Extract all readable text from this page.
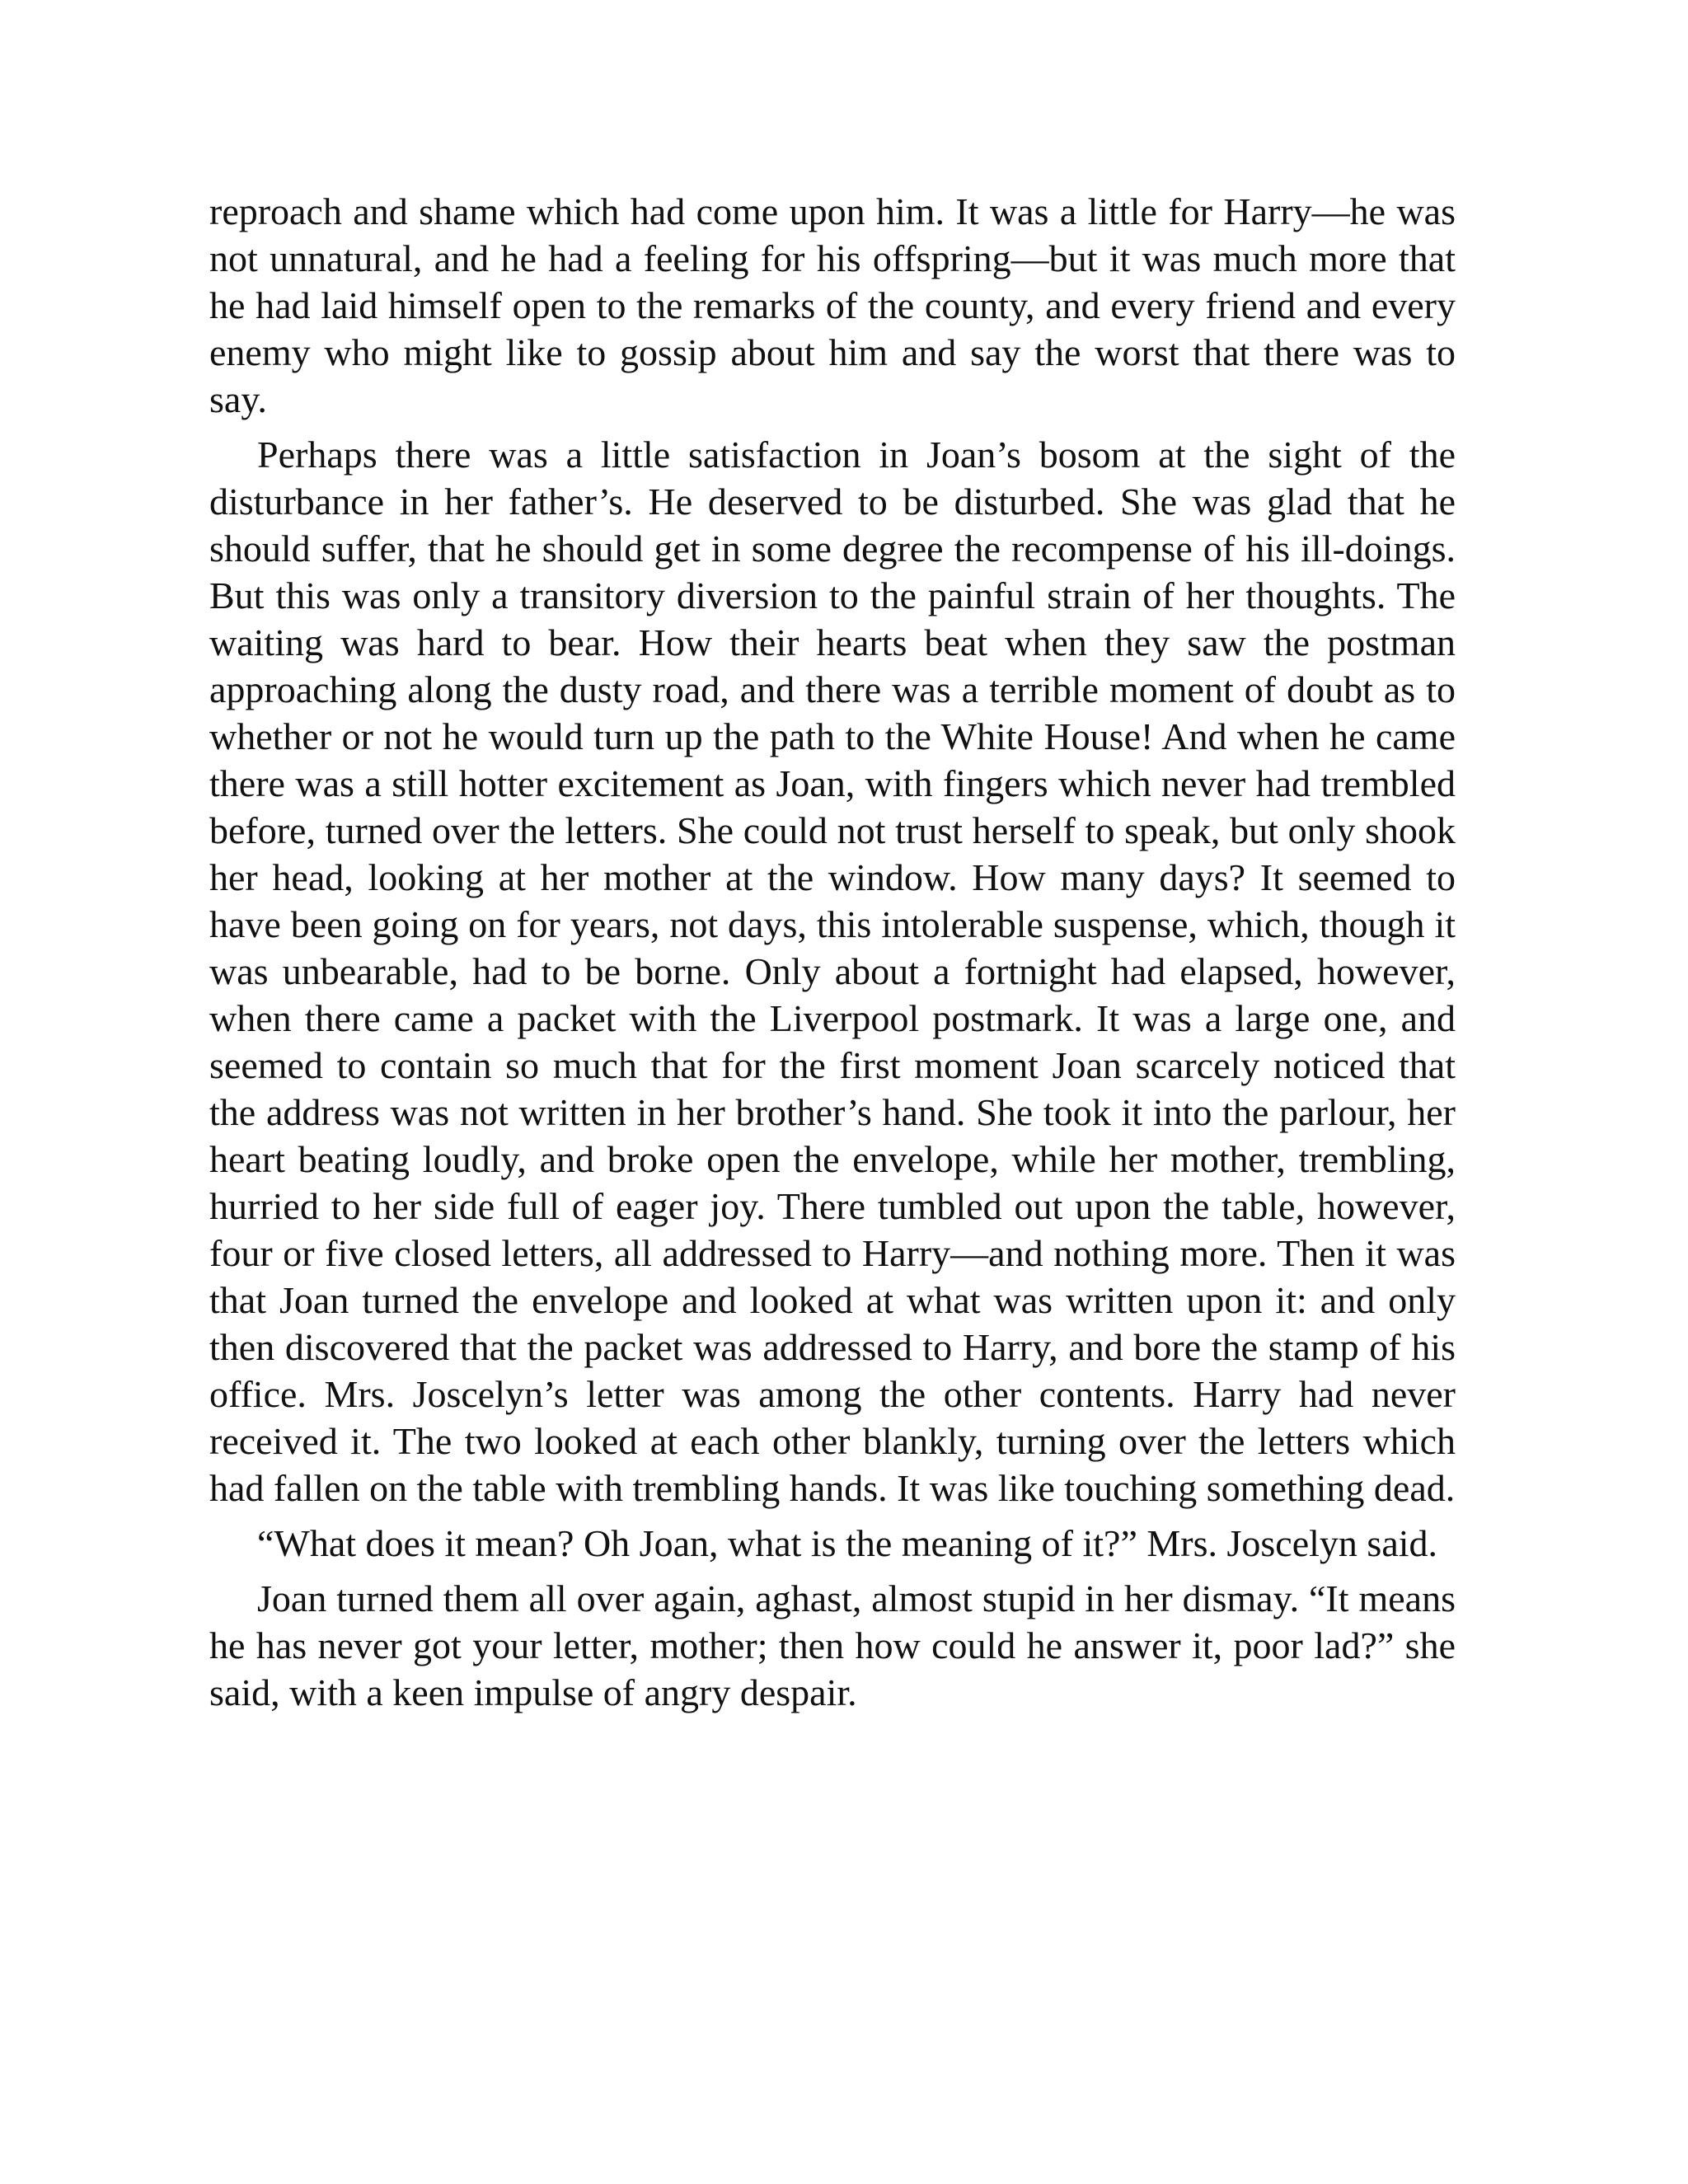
reproach and shame which had come upon him. It was a little for Harry—he was not unnatural, and he had a feeling for his offspring—but it was much more that he had laid himself open to the remarks of the county, and every friend and every enemy who might like to gossip about him and say the worst that there was to say.

Perhaps there was a little satisfaction in Joan’s bosom at the sight of the disturbance in her father’s. He deserved to be disturbed. She was glad that he should suffer, that he should get in some degree the recompense of his ill-doings. But this was only a transitory diversion to the painful strain of her thoughts. The waiting was hard to bear. How their hearts beat when they saw the postman approaching along the dusty road, and there was a terrible moment of doubt as to whether or not he would turn up the path to the White House! And when he came there was a still hotter excitement as Joan, with fingers which never had trembled before, turned over the letters. She could not trust herself to speak, but only shook her head, looking at her mother at the window. How many days? It seemed to have been going on for years, not days, this intolerable suspense, which, though it was unbearable, had to be borne. Only about a fortnight had elapsed, however, when there came a packet with the Liverpool postmark. It was a large one, and seemed to contain so much that for the first moment Joan scarcely noticed that the address was not written in her brother’s hand. She took it into the parlour, her heart beating loudly, and broke open the envelope, while her mother, trembling, hurried to her side full of eager joy. There tumbled out upon the table, however, four or five closed letters, all addressed to Harry—and nothing more. Then it was that Joan turned the envelope and looked at what was written upon it: and only then discovered that the packet was addressed to Harry, and bore the stamp of his office. Mrs. Joscelyn’s letter was among the other contents. Harry had never received it. The two looked at each other blankly, turning over the letters which had fallen on the table with trembling hands. It was like touching something dead.

“What does it mean? Oh Joan, what is the meaning of it?” Mrs. Joscelyn said.

Joan turned them all over again, aghast, almost stupid in her dismay. “It means he has never got your letter, mother; then how could he answer it, poor lad?” she said, with a keen impulse of angry despair.
